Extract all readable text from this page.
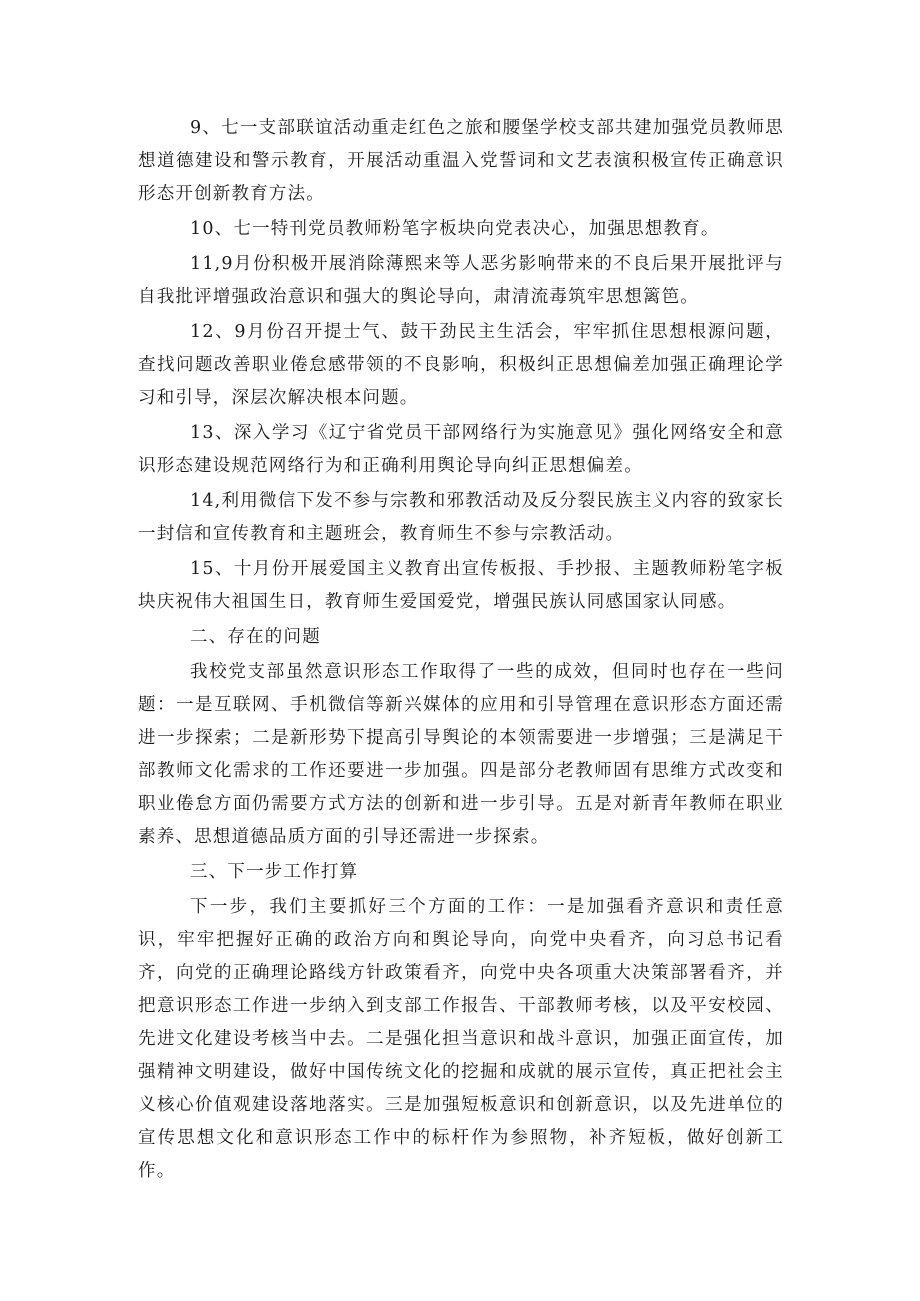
9、七一支部联谊活动重走红色之旅和腰堡学校支部共建加强党员教师思想道德建设和警示教育，开展活动重温入党誓词和文艺表演积极宣传正确意识形态开创新教育方法。

10、七一特刊党员教师粉笔字板块向党表决心，加强思想教育。

11,9月份积极开展消除薄熙来等人恶劣影响带来的不良后果开展批评与自我批评增强政治意识和强大的舆论导向，肃清流毒筑牢思想篱笆。

12、9月份召开提士气、鼓干劲民主生活会，牢牢抓住思想根源问题，查找问题改善职业倦怠感带领的不良影响，积极纠正思想偏差加强正确理论学习和引导，深层次解决根本问题。

13、深入学习《辽宁省党员干部网络行为实施意见》强化网络安全和意识形态建设规范网络行为和正确利用舆论导向纠正思想偏差。

14,利用微信下发不参与宗教和邪教活动及反分裂民族主义内容的致家长一封信和宣传教育和主题班会，教育师生不参与宗教活动。

15、十月份开展爱国主义教育出宣传板报、手抄报、主题教师粉笔字板块庆祝伟大祖国生日，教育师生爱国爱党，增强民族认同感国家认同感。

二、存在的问题

我校党支部虽然意识形态工作取得了一些的成效，但同时也存在一些问题：一是互联网、手机微信等新兴媒体的应用和引导管理在意识形态方面还需进一步探索；二是新形势下提高引导舆论的本领需要进一步增强；三是满足干部教师文化需求的工作还要进一步加强。四是部分老教师固有思维方式改变和职业倦怠方面仍需要方式方法的创新和进一步引导。五是对新青年教师在职业素养、思想道德品质方面的引导还需进一步探索。

三、下一步工作打算

下一步，我们主要抓好三个方面的工作：一是加强看齐意识和责任意识，牢牢把握好正确的政治方向和舆论导向，向党中央看齐，向习总书记看齐，向党的正确理论路线方针政策看齐，向党中央各项重大决策部署看齐，并把意识形态工作进一步纳入到支部工作报告、干部教师考核，以及平安校园、先进文化建设考核当中去。二是强化担当意识和战斗意识，加强正面宣传，加强精神文明建设，做好中国传统文化的挖掘和成就的展示宣传，真正把社会主义核心价值观建设落地落实。三是加强短板意识和创新意识，以及先进单位的宣传思想文化和意识形态工作中的标杆作为参照物，补齐短板，做好创新工作。
